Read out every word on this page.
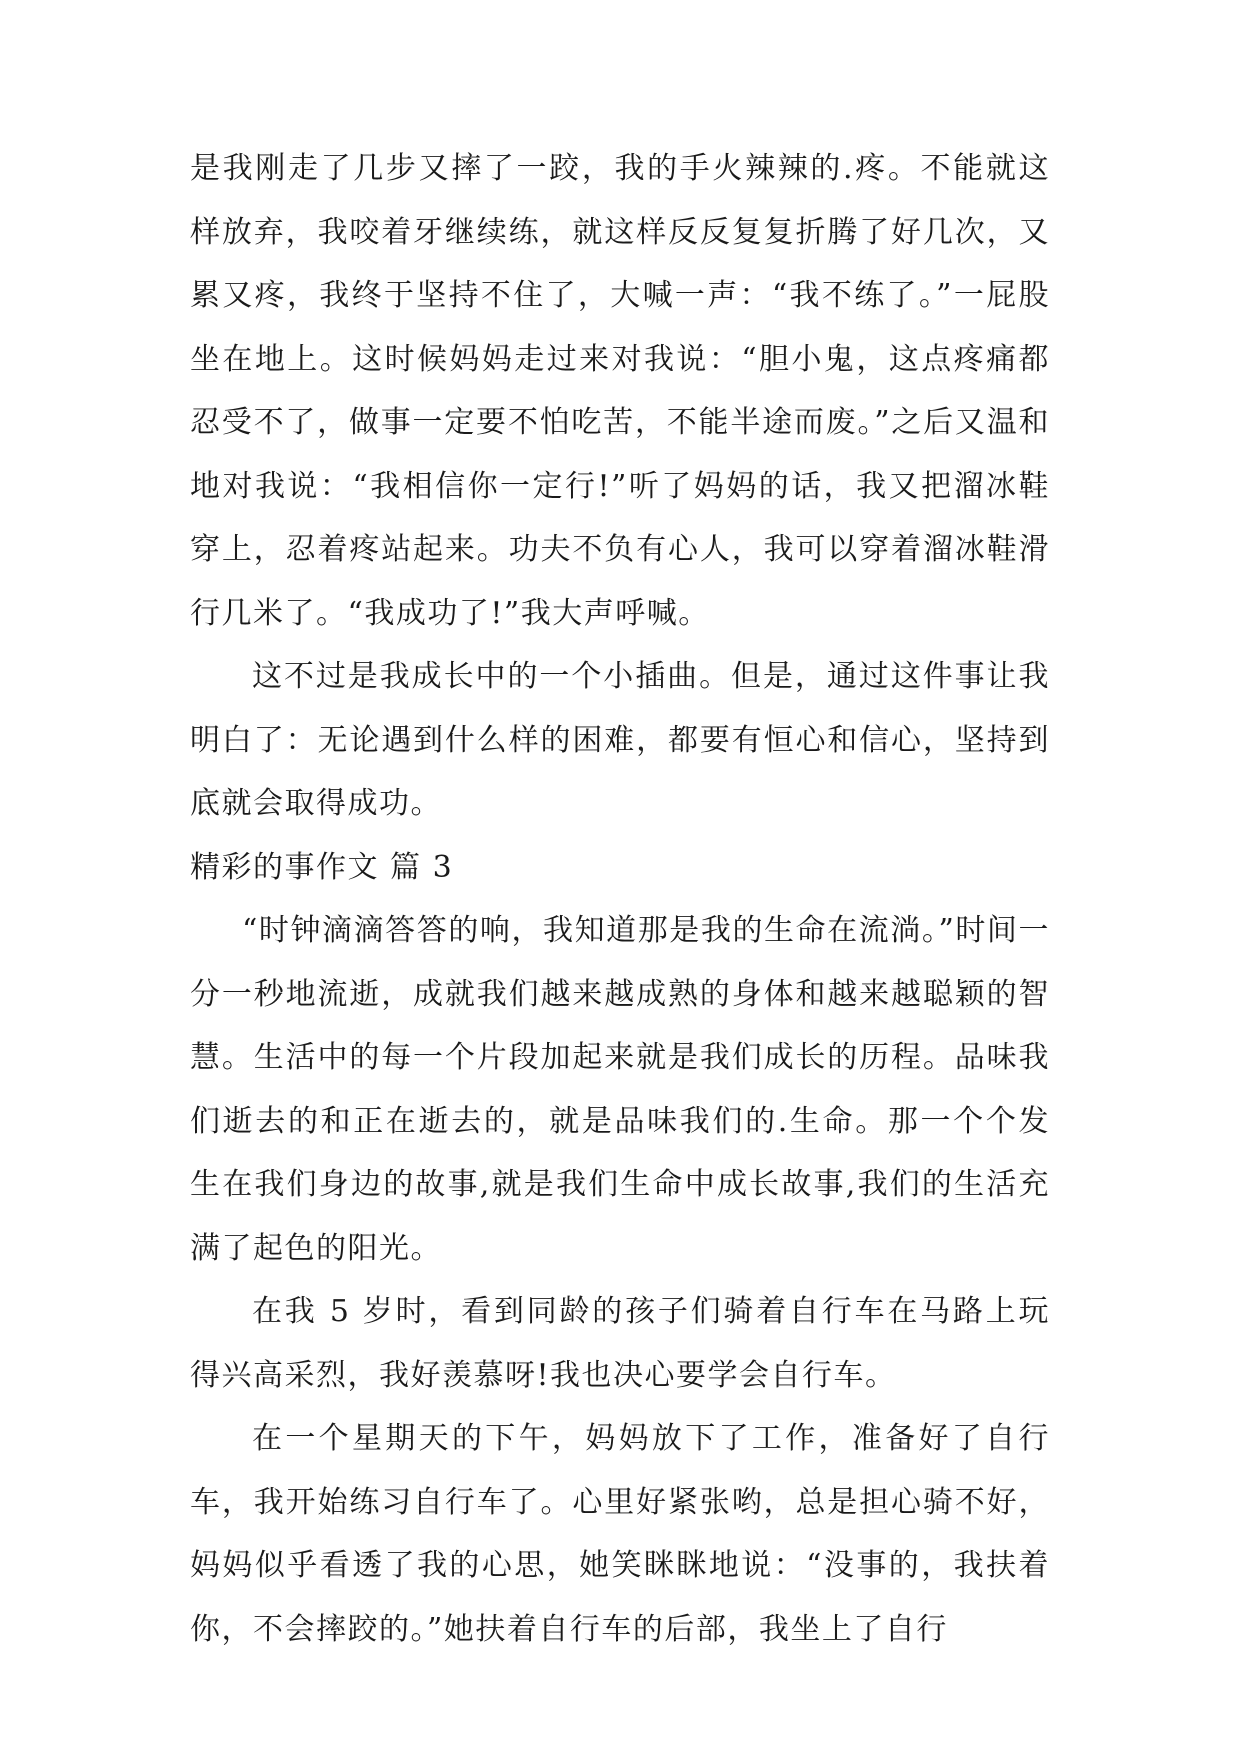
是我刚走了几步又摔了一跤，我的手火辣辣的.疼。不能就这样放弃，我咬着牙继续练，就这样反反复复折腾了好几次，又累又疼，我终于坚持不住了，大喊一声：“我不练了。”一屁股坐在地上。这时候妈妈走过来对我说：“胆小鬼，这点疼痛都忍受不了，做事一定要不怕吃苦，不能半途而废。”之后又温和地对我说：“我相信你一定行!”听了妈妈的话，我又把溜冰鞋穿上，忍着疼站起来。功夫不负有心人，我可以穿着溜冰鞋滑行几米了。“我成功了!”我大声呼喊。

这不过是我成长中的一个小插曲。但是，通过这件事让我明白了：无论遇到什么样的困难，都要有恒心和信心，坚持到底就会取得成功。

精彩的事作文 篇 3

“时钟滴滴答答的响，我知道那是我的生命在流淌。”时间一分一秒地流逝，成就我们越来越成熟的身体和越来越聪颖的智慧。生活中的每一个片段加起来就是我们成长的历程。品味我们逝去的和正在逝去的，就是品味我们的.生命。那一个个发生在我们身边的故事,就是我们生命中成长故事,我们的生活充满了起色的阳光。

在我 5 岁时，看到同龄的孩子们骑着自行车在马路上玩得兴高采烈，我好羡慕呀!我也决心要学会自行车。

在一个星期天的下午，妈妈放下了工作，准备好了自行车，我开始练习自行车了。心里好紧张哟，总是担心骑不好，妈妈似乎看透了我的心思，她笑眯眯地说：“没事的，我扶着你，不会摔跤的。”她扶着自行车的后部，我坐上了自行
